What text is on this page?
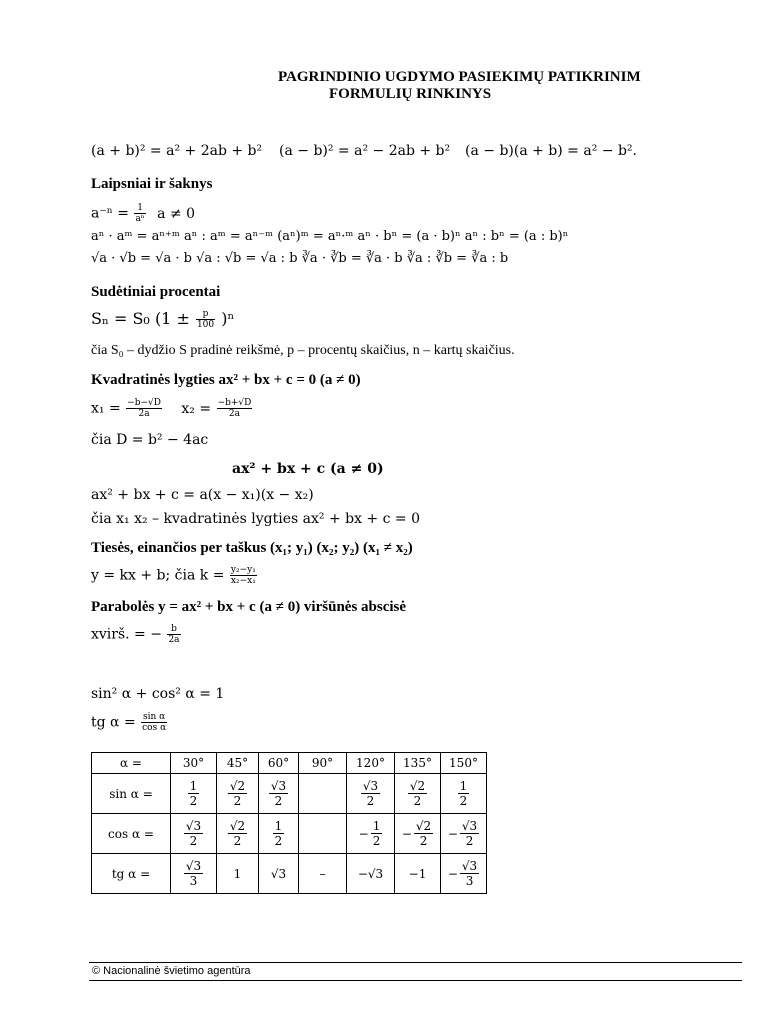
PAGRINDINIO UGDYMO PASIEKIMŲ PATIKRINIM
FORMULIŲ RINKINYS
(a + b)² = a² + 2ab + b² (a − b)² = a² − 2ab + b² (a − b)(a + b) = a² − b².
Laipsniai ir šaknys
$a^{-n} = \frac{1}{\text{aⁿ}}$ a ≠ 0
aⁿ · aᵐ = aⁿ⁺ᵐ aⁿ : aᵐ = aⁿ⁻ᵐ (aⁿ)ᵐ = aⁿ·ᵐ aⁿ · bⁿ = (a · b)ⁿ aⁿ : bⁿ = (a : b)ⁿ
√a · √b = √a · b √a : √b = √a : b ∛a · ∛b = ∛a · b ∛a : ∛b = ∛a : b
Sudėtiniai procentai
Sₙ = S₀ $(1 \pm \frac{p}{100} )^n$
čia S₀ – dydžio S pradinė reikšmė, p – procentų skaičius, n – kartų skaičius.
Kvadratinės lygties ax² + bx + c = 0 (a ≠ 0)
$x_1 = \frac{-b-√D}{2a} x_2 = \frac{-b+√D}{2a}$
čia D = b² − 4ac
ax² + bx + c (a ≠ 0)
ax² + bx + c = a(x − x₁)(x − x₂)
čia x₁ x₂ – kvadratinės lygties ax² + bx + c = 0
Tiesės, einančios per taškus (x₁; y₁) (x₂; y₂) (x₁ ≠ x₂)
y = kx + b; čia $k = \frac{\text{y₂−y₁}}{\text{x₂−x₁}}$
Parabolės y = ax² + bx + c (a ≠ 0) viršūnės abscisė
xvirš. = − $\frac{b}{2a}$
sin² α + cos² α = 1
tg $\alpha = \frac{\text{sin α}}{\text{cos α}}$
α =	30°	45°	60°	90°	120°	135°	150°
sin α =	$\frac{1}{2}$	$\frac{√2}{2}$	$\frac{√3}{2}$		$\frac{√3}{2}$	$\frac{√2}{2}$	$\frac{1}{2}$

cos α =	$\frac{√3}{2}$	$\frac{√2}{2}$	$\frac{1}{2}$		− $\frac{1}{2}$	− $\frac{√2}{2}$	− $\frac{√3}{2}$

tg α =	$\frac{√3}{3}$	1	√3	–	−√3	−1	− $\frac{√3}{3}$
© Nacionalinė švietimo agentūra
